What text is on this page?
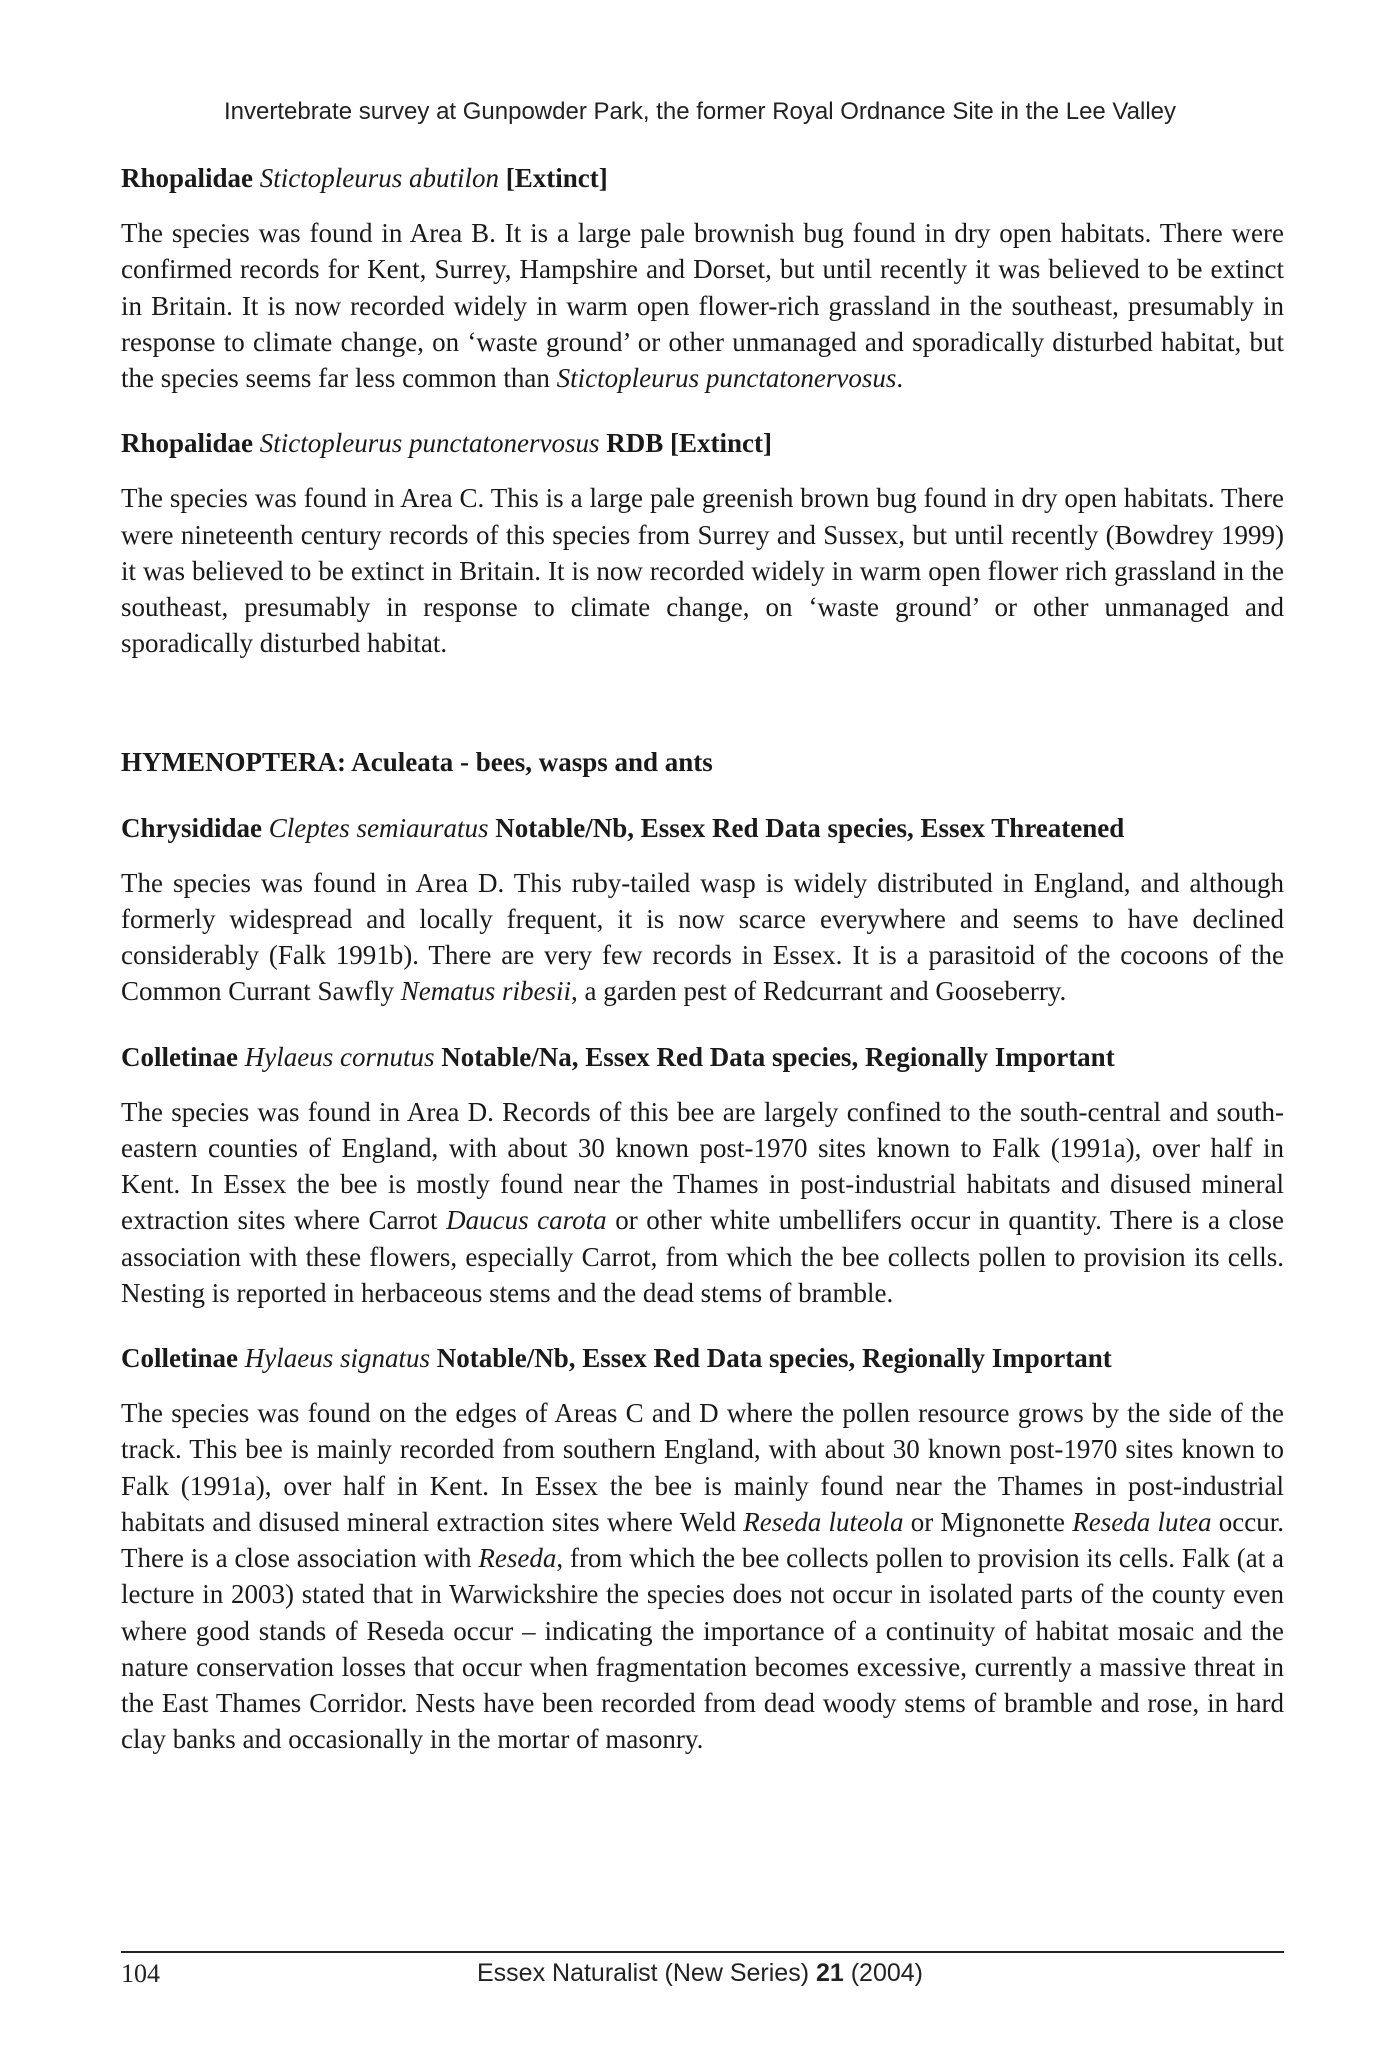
Invertebrate survey at Gunpowder Park, the former Royal Ordnance Site in the Lee Valley

Rhopalidae Stictopleurus abutilon [Extinct]

The species was found in Area B. It is a large pale brownish bug found in dry open habitats. There were confirmed records for Kent, Surrey, Hampshire and Dorset, but until recently it was believed to be extinct in Britain. It is now recorded widely in warm open flower-rich grassland in the southeast, presumably in response to climate change, on ‘waste ground’ or other unmanaged and sporadically disturbed habitat, but the species seems far less common than Stictopleurus punctatonervosus.

Rhopalidae Stictopleurus punctatonervosus RDB [Extinct]

The species was found in Area C. This is a large pale greenish brown bug found in dry open habitats. There were nineteenth century records of this species from Surrey and Sussex, but until recently (Bowdrey 1999) it was believed to be extinct in Britain. It is now recorded widely in warm open flower rich grassland in the southeast, presumably in response to climate change, on ‘waste ground’ or other unmanaged and sporadically disturbed habitat.

HYMENOPTERA: Aculeata - bees, wasps and ants

Chrysididae Cleptes semiauratus Notable/Nb, Essex Red Data species, Essex Threatened

The species was found in Area D. This ruby-tailed wasp is widely distributed in England, and although formerly widespread and locally frequent, it is now scarce everywhere and seems to have declined considerably (Falk 1991b). There are very few records in Essex. It is a parasitoid of the cocoons of the Common Currant Sawfly Nematus ribesii, a garden pest of Redcurrant and Gooseberry.

Colletinae Hylaeus cornutus Notable/Na, Essex Red Data species, Regionally Important

The species was found in Area D. Records of this bee are largely confined to the south-central and south-eastern counties of England, with about 30 known post-1970 sites known to Falk (1991a), over half in Kent. In Essex the bee is mostly found near the Thames in post-industrial habitats and disused mineral extraction sites where Carrot Daucus carota or other white umbellifers occur in quantity. There is a close association with these flowers, especially Carrot, from which the bee collects pollen to provision its cells. Nesting is reported in herbaceous stems and the dead stems of bramble.

Colletinae Hylaeus signatus Notable/Nb, Essex Red Data species, Regionally Important

The species was found on the edges of Areas C and D where the pollen resource grows by the side of the track. This bee is mainly recorded from southern England, with about 30 known post-1970 sites known to Falk (1991a), over half in Kent. In Essex the bee is mainly found near the Thames in post-industrial habitats and disused mineral extraction sites where Weld Reseda luteola or Mignonette Reseda lutea occur. There is a close association with Reseda, from which the bee collects pollen to provision its cells. Falk (at a lecture in 2003) stated that in Warwickshire the species does not occur in isolated parts of the county even where good stands of Reseda occur – indicating the importance of a continuity of habitat mosaic and the nature conservation losses that occur when fragmentation becomes excessive, currently a massive threat in the East Thames Corridor. Nests have been recorded from dead woody stems of bramble and rose, in hard clay banks and occasionally in the mortar of masonry.

104	Essex Naturalist (New Series) 21 (2004)
